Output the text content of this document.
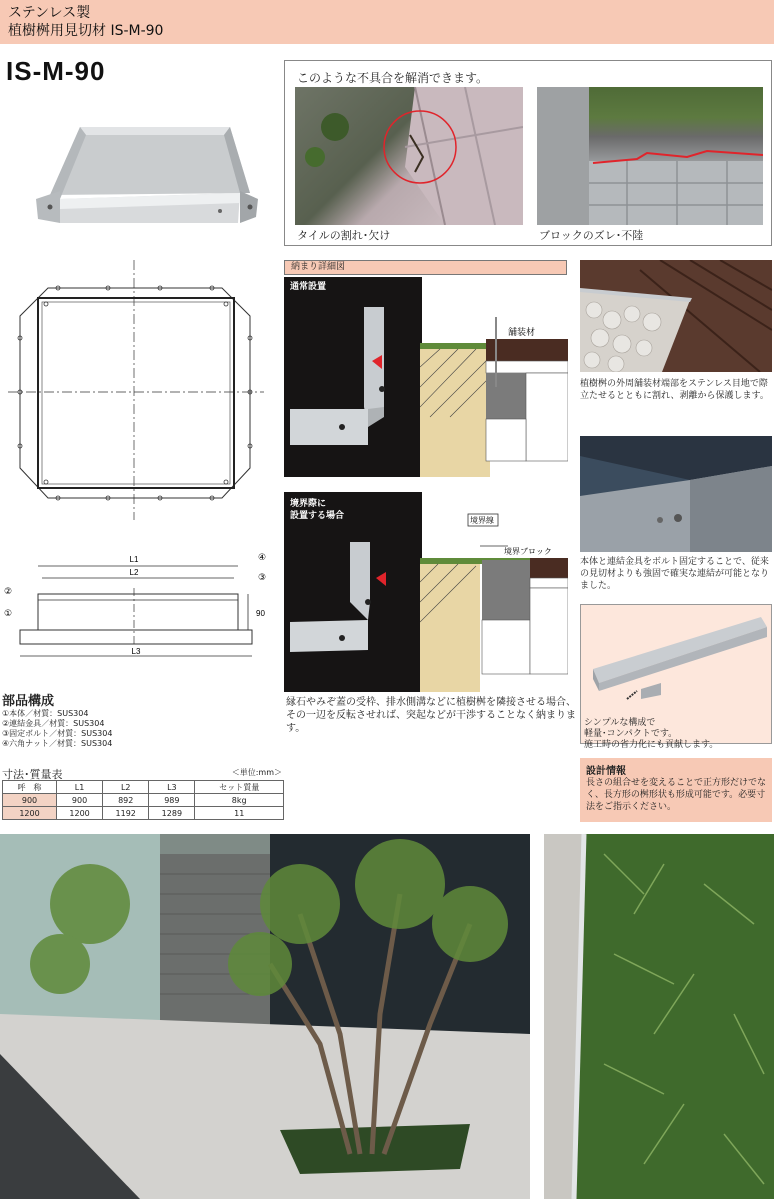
ステンレス製
植樹桝用見切材 IS-M-90
IS-M-90	このような不具合を解消できます。
タイルの割れ･欠け	ブロックのズレ･不陸
L1
L2
L3
90
①
②
③
④
部品構成
①本体／材質：SUS304
②連結金具／材質：SUS304
③固定ボルト／材質：SUS304
④六角ナット／材質：SUS304
寸法･質量表	＜単位:mm＞
呼　称	L1	L2	L3	セット質量
900	900	892	989	8kg
1200	1200	1192	1289	11
納まり詳細図
通常設置
境界際に
設置する場合
舗装材
境界線
境界ブロック
縁石やみぞ蓋の受枠、排水側溝などに植樹桝を隣接させる場合、その一辺を反転させれば、突起などが干渉することなく納まります。
植樹桝の外周舗装材端部をステンレス目地で際立たせるとともに割れ、剥離から保護します。
本体と連結金具をボルト固定することで、従来の見切材よりも強固で確実な連結が可能となりました。
シンプルな構成で
軽量･コンパクトです。
施工時の省力化にも貢献します。
設計情報
長さの組合せを変えることで正方形だけでなく、長方形の桝形状も形成可能です。必要寸法をご指示ください。
